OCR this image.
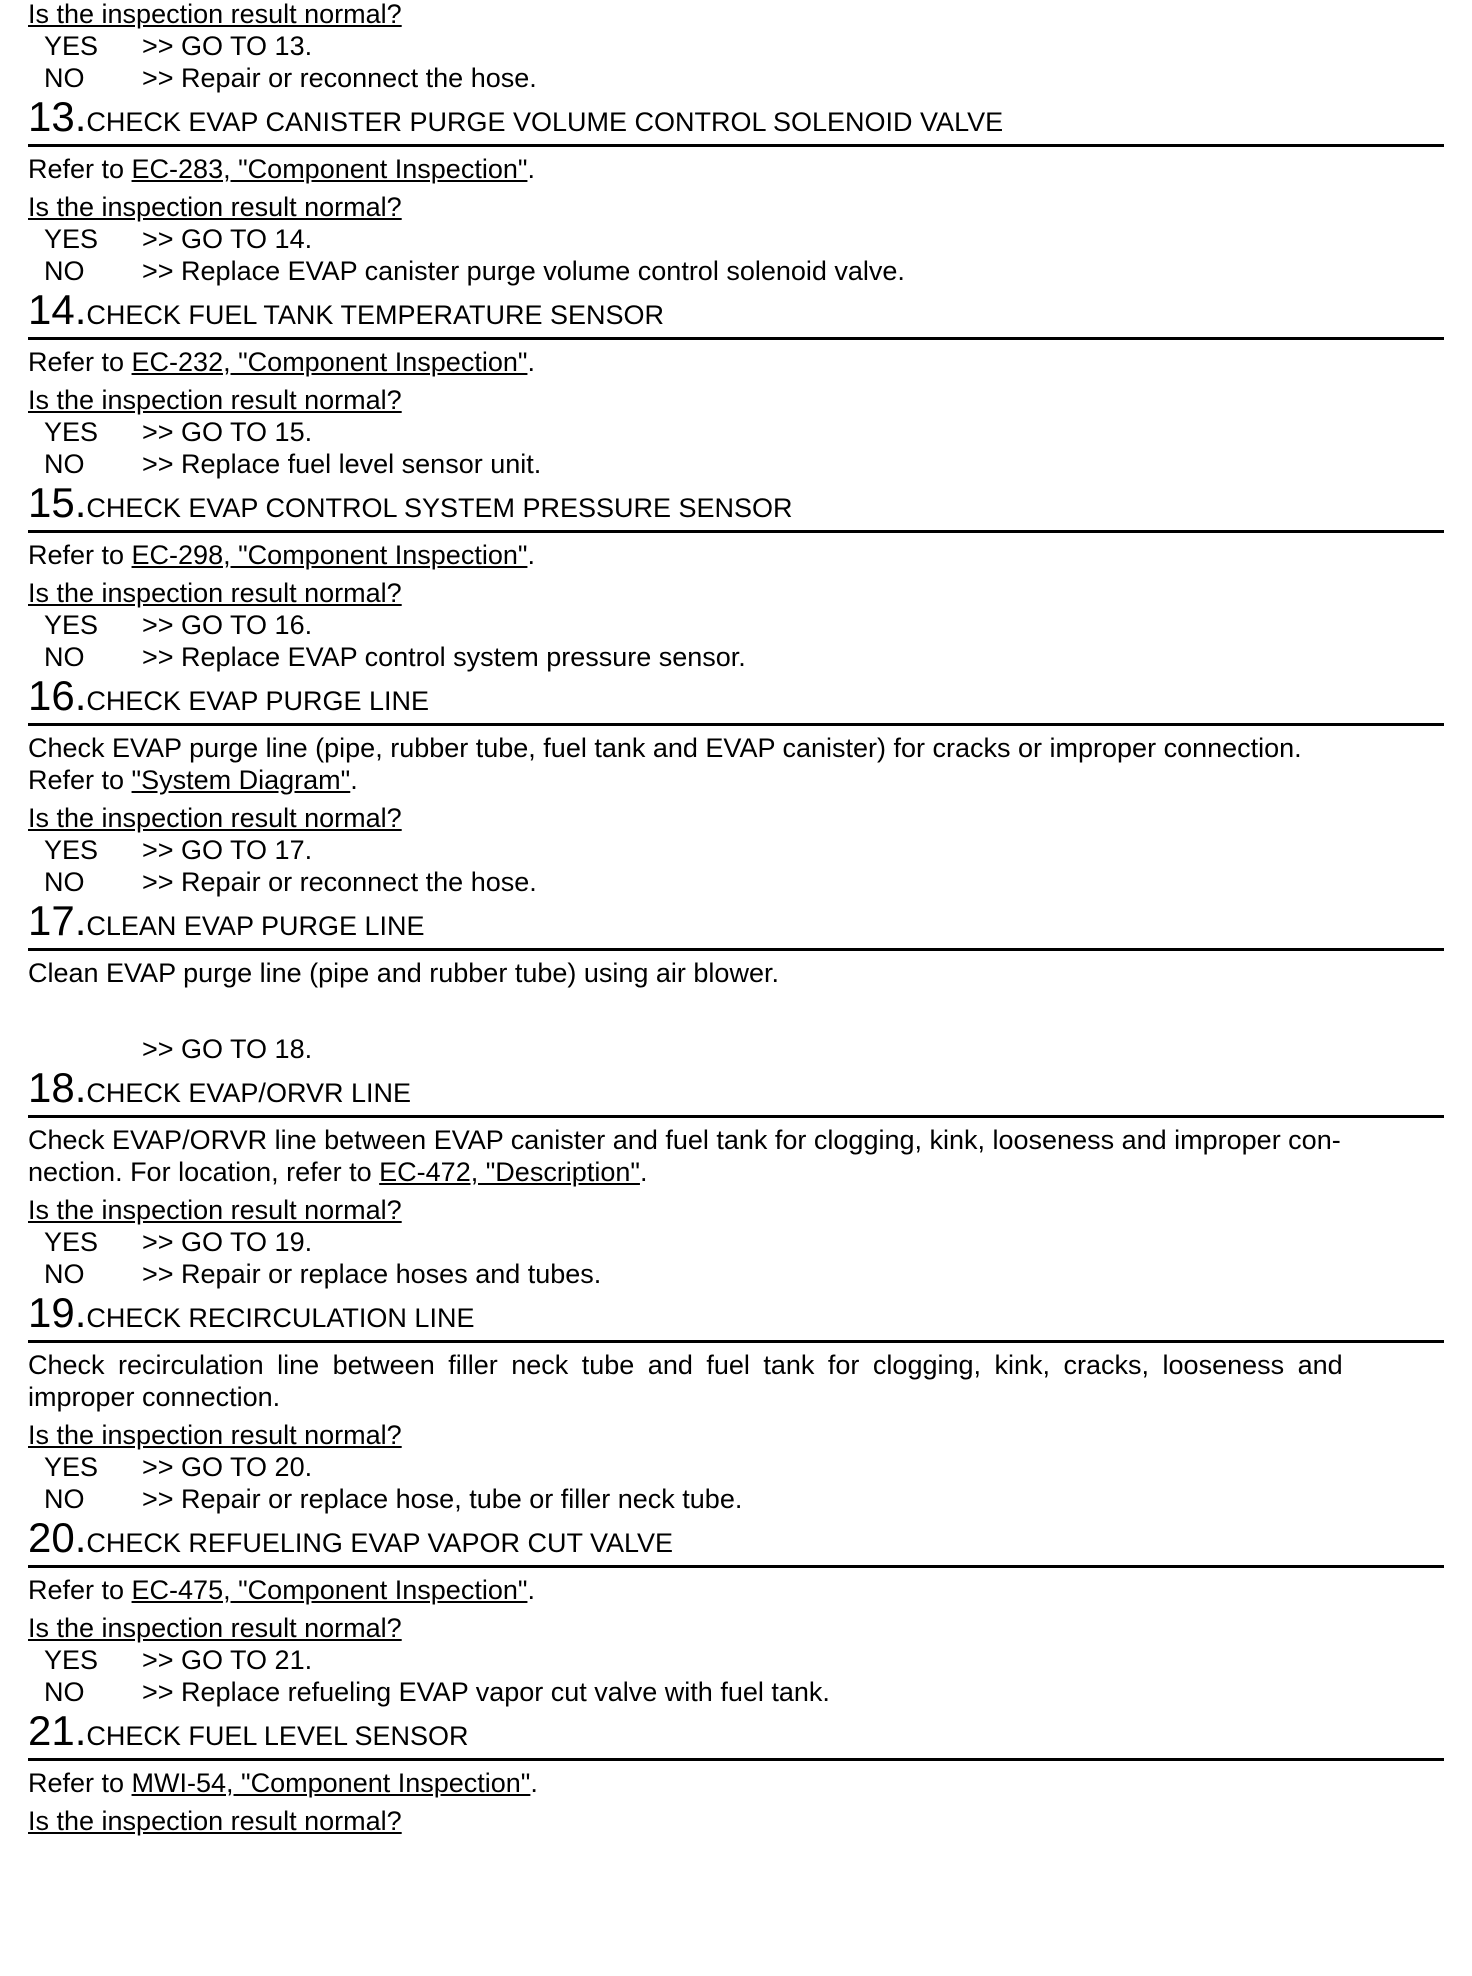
Is the inspection result normal?
YES	>> GO TO 13.
NO	>> Repair or reconnect the hose.
13. CHECK EVAP CANISTER PURGE VOLUME CONTROL SOLENOID VALVE
Refer to EC-283, "Component Inspection".
Is the inspection result normal?
YES	>> GO TO 14.
NO	>> Replace EVAP canister purge volume control solenoid valve.
14. CHECK FUEL TANK TEMPERATURE SENSOR
Refer to EC-232, "Component Inspection".
Is the inspection result normal?
YES	>> GO TO 15.
NO	>> Replace fuel level sensor unit.
15. CHECK EVAP CONTROL SYSTEM PRESSURE SENSOR
Refer to EC-298, "Component Inspection".
Is the inspection result normal?
YES	>> GO TO 16.
NO	>> Replace EVAP control system pressure sensor.
16. CHECK EVAP PURGE LINE
Check EVAP purge line (pipe, rubber tube, fuel tank and EVAP canister) for cracks or improper connection.
Refer to "System Diagram".
Is the inspection result normal?
YES	>> GO TO 17.
NO	>> Repair or reconnect the hose.
17. CLEAN EVAP PURGE LINE
Clean EVAP purge line (pipe and rubber tube) using air blower.
>> GO TO 18.
18. CHECK EVAP/ORVR LINE
Check EVAP/ORVR line between EVAP canister and fuel tank for clogging, kink, looseness and improper con-
nection. For location, refer to EC-472, "Description".
Is the inspection result normal?
YES	>> GO TO 19.
NO	>> Repair or replace hoses and tubes.
19. CHECK RECIRCULATION LINE
Check recirculation line between filler neck tube and fuel tank for clogging, kink, cracks, looseness and
improper connection.
Is the inspection result normal?
YES	>> GO TO 20.
NO	>> Repair or replace hose, tube or filler neck tube.
20. CHECK REFUELING EVAP VAPOR CUT VALVE
Refer to EC-475, "Component Inspection".
Is the inspection result normal?
YES	>> GO TO 21.
NO	>> Replace refueling EVAP vapor cut valve with fuel tank.
21. CHECK FUEL LEVEL SENSOR
Refer to MWI-54, "Component Inspection".
Is the inspection result normal?
